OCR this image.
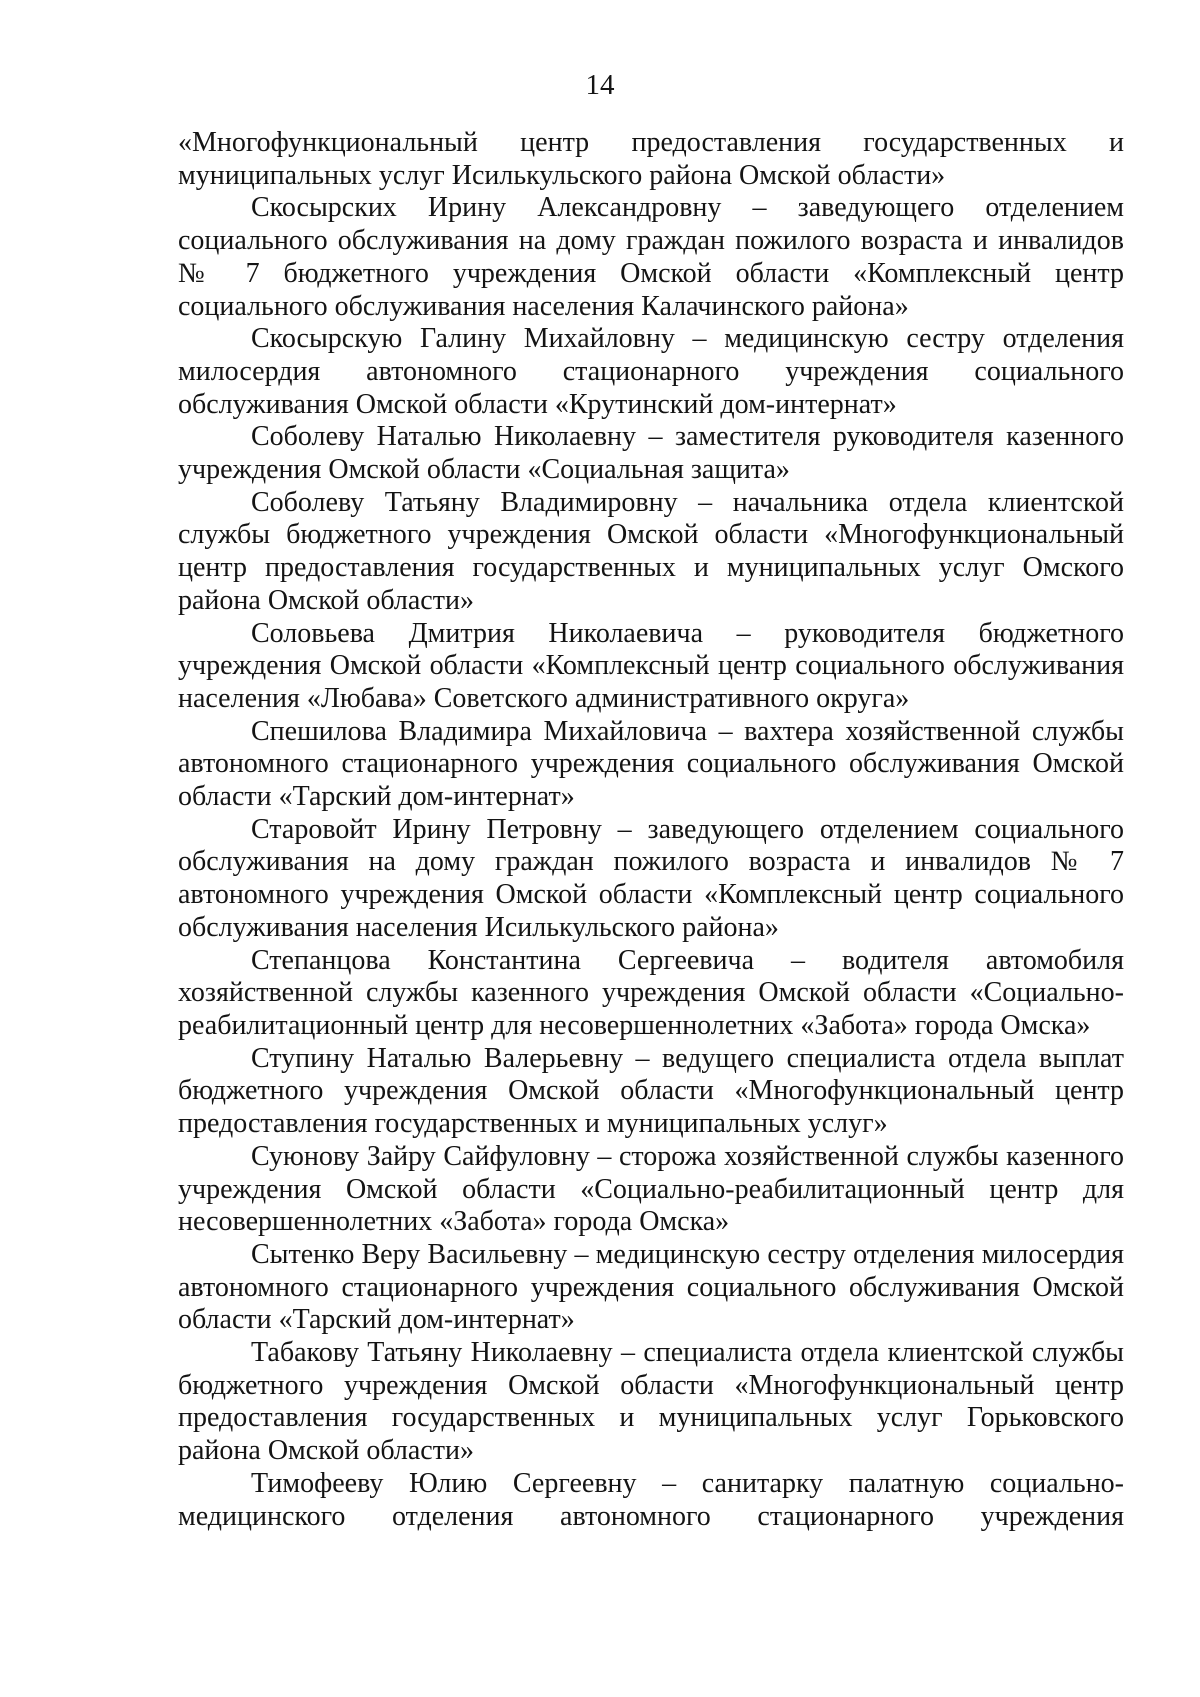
14

«Многофункциональный центр предоставления государственных и муниципальных услуг Исилькульского района Омской области»

Скосырских Ирину Александровну – заведующего отделением социального обслуживания на дому граждан пожилого возраста и инвалидов № 7 бюджетного учреждения Омской области «Комплексный центр социального обслуживания населения Калачинского района»

Скосырскую Галину Михайловну – медицинскую сестру отделения милосердия автономного стационарного учреждения социального обслуживания Омской области «Крутинский дом-интернат»

Соболеву Наталью Николаевну – заместителя руководителя казенного учреждения Омской области «Социальная защита»

Соболеву Татьяну Владимировну – начальника отдела клиентской службы бюджетного учреждения Омской области «Многофункциональный центр предоставления государственных и муниципальных услуг Омского района Омской области»

Соловьева Дмитрия Николаевича – руководителя бюджетного учреждения Омской области «Комплексный центр социального обслуживания населения «Любава» Советского административного округа»

Спешилова Владимира Михайловича – вахтера хозяйственной службы автономного стационарного учреждения социального обслуживания Омской области «Тарский дом-интернат»

Старовойт Ирину Петровну – заведующего отделением социального обслуживания на дому граждан пожилого возраста и инвалидов № 7 автономного учреждения Омской области «Комплексный центр социального обслуживания населения Исилькульского района»

Степанцова Константина Сергеевича – водителя автомобиля хозяйственной службы казенного учреждения Омской области «Социально-реабилитационный центр для несовершеннолетних «Забота» города Омска»

Ступину Наталью Валерьевну – ведущего специалиста отдела выплат бюджетного учреждения Омской области «Многофункциональный центр предоставления государственных и муниципальных услуг»

Суюнову Зайру Сайфуловну – сторожа хозяйственной службы казенного учреждения Омской области «Социально-реабилитационный центр для несовершеннолетних «Забота» города Омска»

Сытенко Веру Васильевну – медицинскую сестру отделения милосердия автономного стационарного учреждения социального обслуживания Омской области «Тарский дом-интернат»

Табакову Татьяну Николаевну – специалиста отдела клиентской службы бюджетного учреждения Омской области «Многофункциональный центр предоставления государственных и муниципальных услуг Горьковского района Омской области»

Тимофееву Юлию Сергеевну – санитарку палатную социально-медицинского отделения автономного стационарного учреждения
